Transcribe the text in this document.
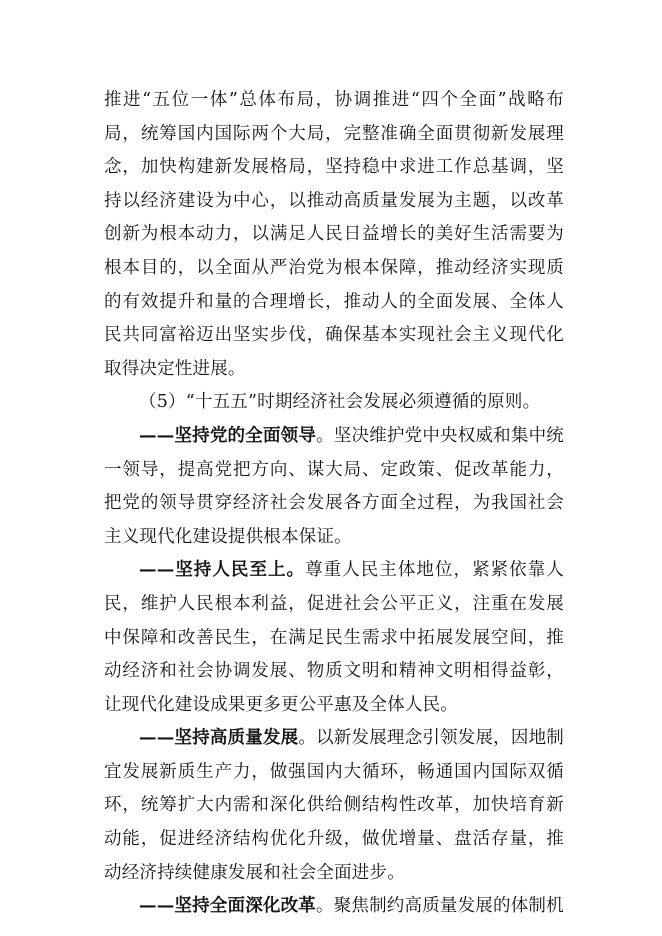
推进“五位一体”总体布局，协调推进“四个全面”战略布局，统筹国内国际两个大局，完整准确全面贯彻新发展理念，加快构建新发展格局，坚持稳中求进工作总基调，坚持以经济建设为中心，以推动高质量发展为主题，以改革创新为根本动力，以满足人民日益增长的美好生活需要为根本目的，以全面从严治党为根本保障，推动经济实现质的有效提升和量的合理增长，推动人的全面发展、全体人民共同富裕迈出坚实步伐，确保基本实现社会主义现代化取得决定性进展。

（5）“十五五”时期经济社会发展必须遵循的原则。

——坚持党的全面领导。坚决维护党中央权威和集中统一领导，提高党把方向、谋大局、定政策、促改革能力，把党的领导贯穿经济社会发展各方面全过程，为我国社会主义现代化建设提供根本保证。

——坚持人民至上。尊重人民主体地位，紧紧依靠人民，维护人民根本利益，促进社会公平正义，注重在发展中保障和改善民生，在满足民生需求中拓展发展空间，推动经济和社会协调发展、物质文明和精神文明相得益彰，让现代化建设成果更多更公平惠及全体人民。

——坚持高质量发展。以新发展理念引领发展，因地制宜发展新质生产力，做强国内大循环，畅通国内国际双循环，统筹扩大内需和深化供给侧结构性改革，加快培育新动能，促进经济结构优化升级，做优增量、盘活存量，推动经济持续健康发展和社会全面进步。

——坚持全面深化改革。聚焦制约高质量发展的体制机
